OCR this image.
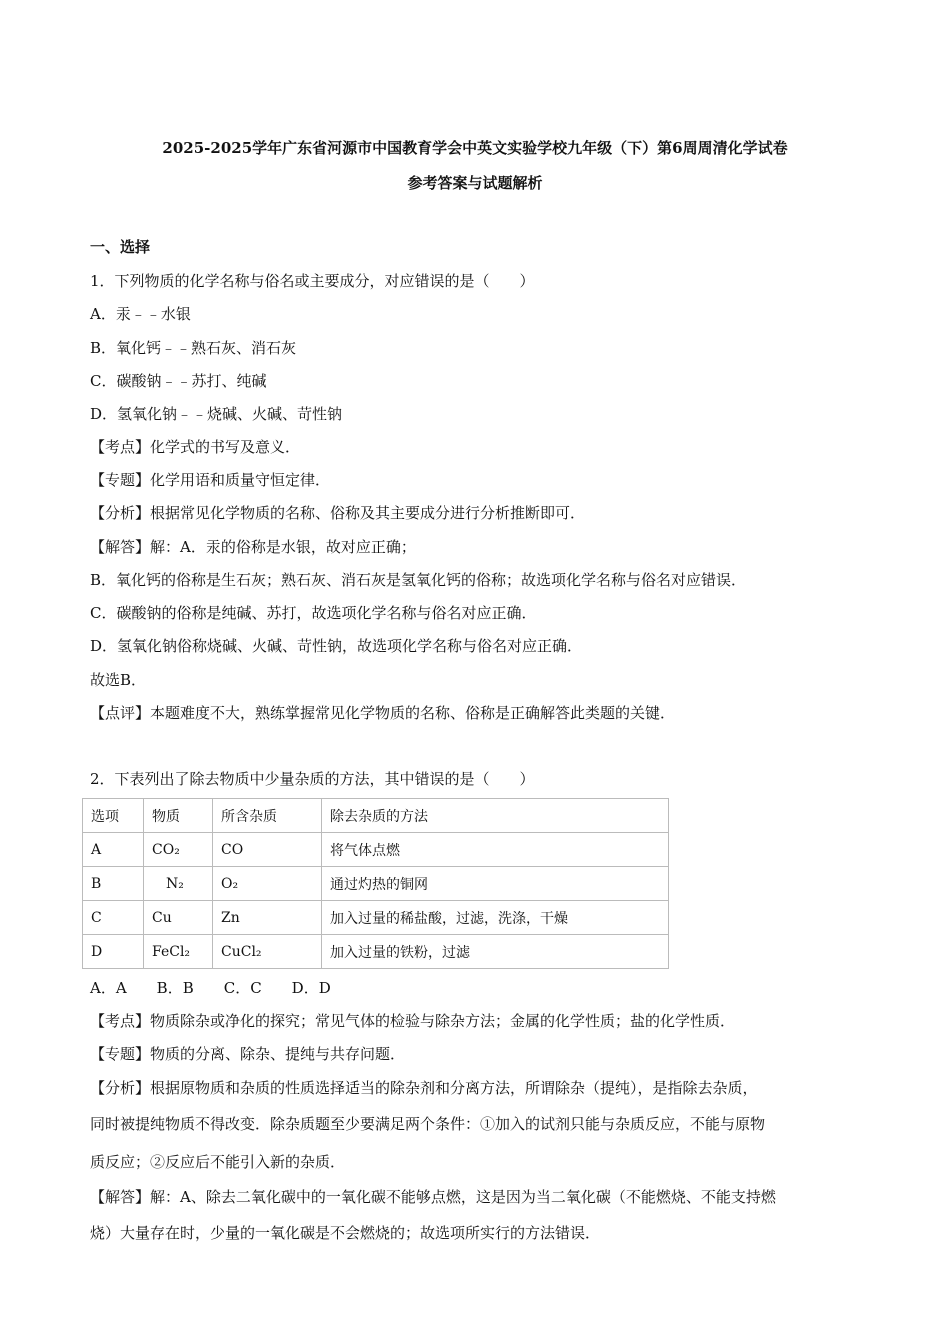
2025-2025学年广东省河源市中国教育学会中英文实验学校九年级（下）第6周周清化学试卷
参考答案与试题解析
一、选择
1．下列物质的化学名称与俗名或主要成分，对应错误的是（　　）
A．汞﹣﹣水银
B．氧化钙﹣﹣熟石灰、消石灰
C．碳酸钠﹣﹣苏打、纯碱
D．氢氧化钠﹣﹣烧碱、火碱、苛性钠
【考点】化学式的书写及意义．
【专题】化学用语和质量守恒定律．
【分析】根据常见化学物质的名称、俗称及其主要成分进行分析推断即可．
【解答】解：A．汞的俗称是水银，故对应正确；
B．氧化钙的俗称是生石灰；熟石灰、消石灰是氢氧化钙的俗称；故选项化学名称与俗名对应错误．
C．碳酸钠的俗称是纯碱、苏打，故选项化学名称与俗名对应正确．
D．氢氧化钠俗称烧碱、火碱、苛性钠，故选项化学名称与俗名对应正确．
故选B．
【点评】本题难度不大，熟练掌握常见化学物质的名称、俗称是正确解答此类题的关键．
2．下表列出了除去物质中少量杂质的方法，其中错误的是（　　）
选项	物质	所含杂质	除去杂质的方法
A	CO₂	CO	将气体点燃
B	N₂	O₂	通过灼热的铜网
C	Cu	Zn	加入过量的稀盐酸，过滤，洗涤，干燥
D	FeCl₂	CuCl₂	加入过量的铁粉，过滤
A．A　　B．B　　C．C　　D．D
【考点】物质除杂或净化的探究；常见气体的检验与除杂方法；金属的化学性质；盐的化学性质．
【专题】物质的分离、除杂、提纯与共存问题．
【分析】根据原物质和杂质的性质选择适当的除杂剂和分离方法，所谓除杂（提纯），是指除去杂质，
同时被提纯物质不得改变．除杂质题至少要满足两个条件：①加入的试剂只能与杂质反应，不能与原物
质反应；②反应后不能引入新的杂质．
【解答】解：A、除去二氧化碳中的一氧化碳不能够点燃，这是因为当二氧化碳（不能燃烧、不能支持燃
烧）大量存在时，少量的一氧化碳是不会燃烧的；故选项所实行的方法错误．
